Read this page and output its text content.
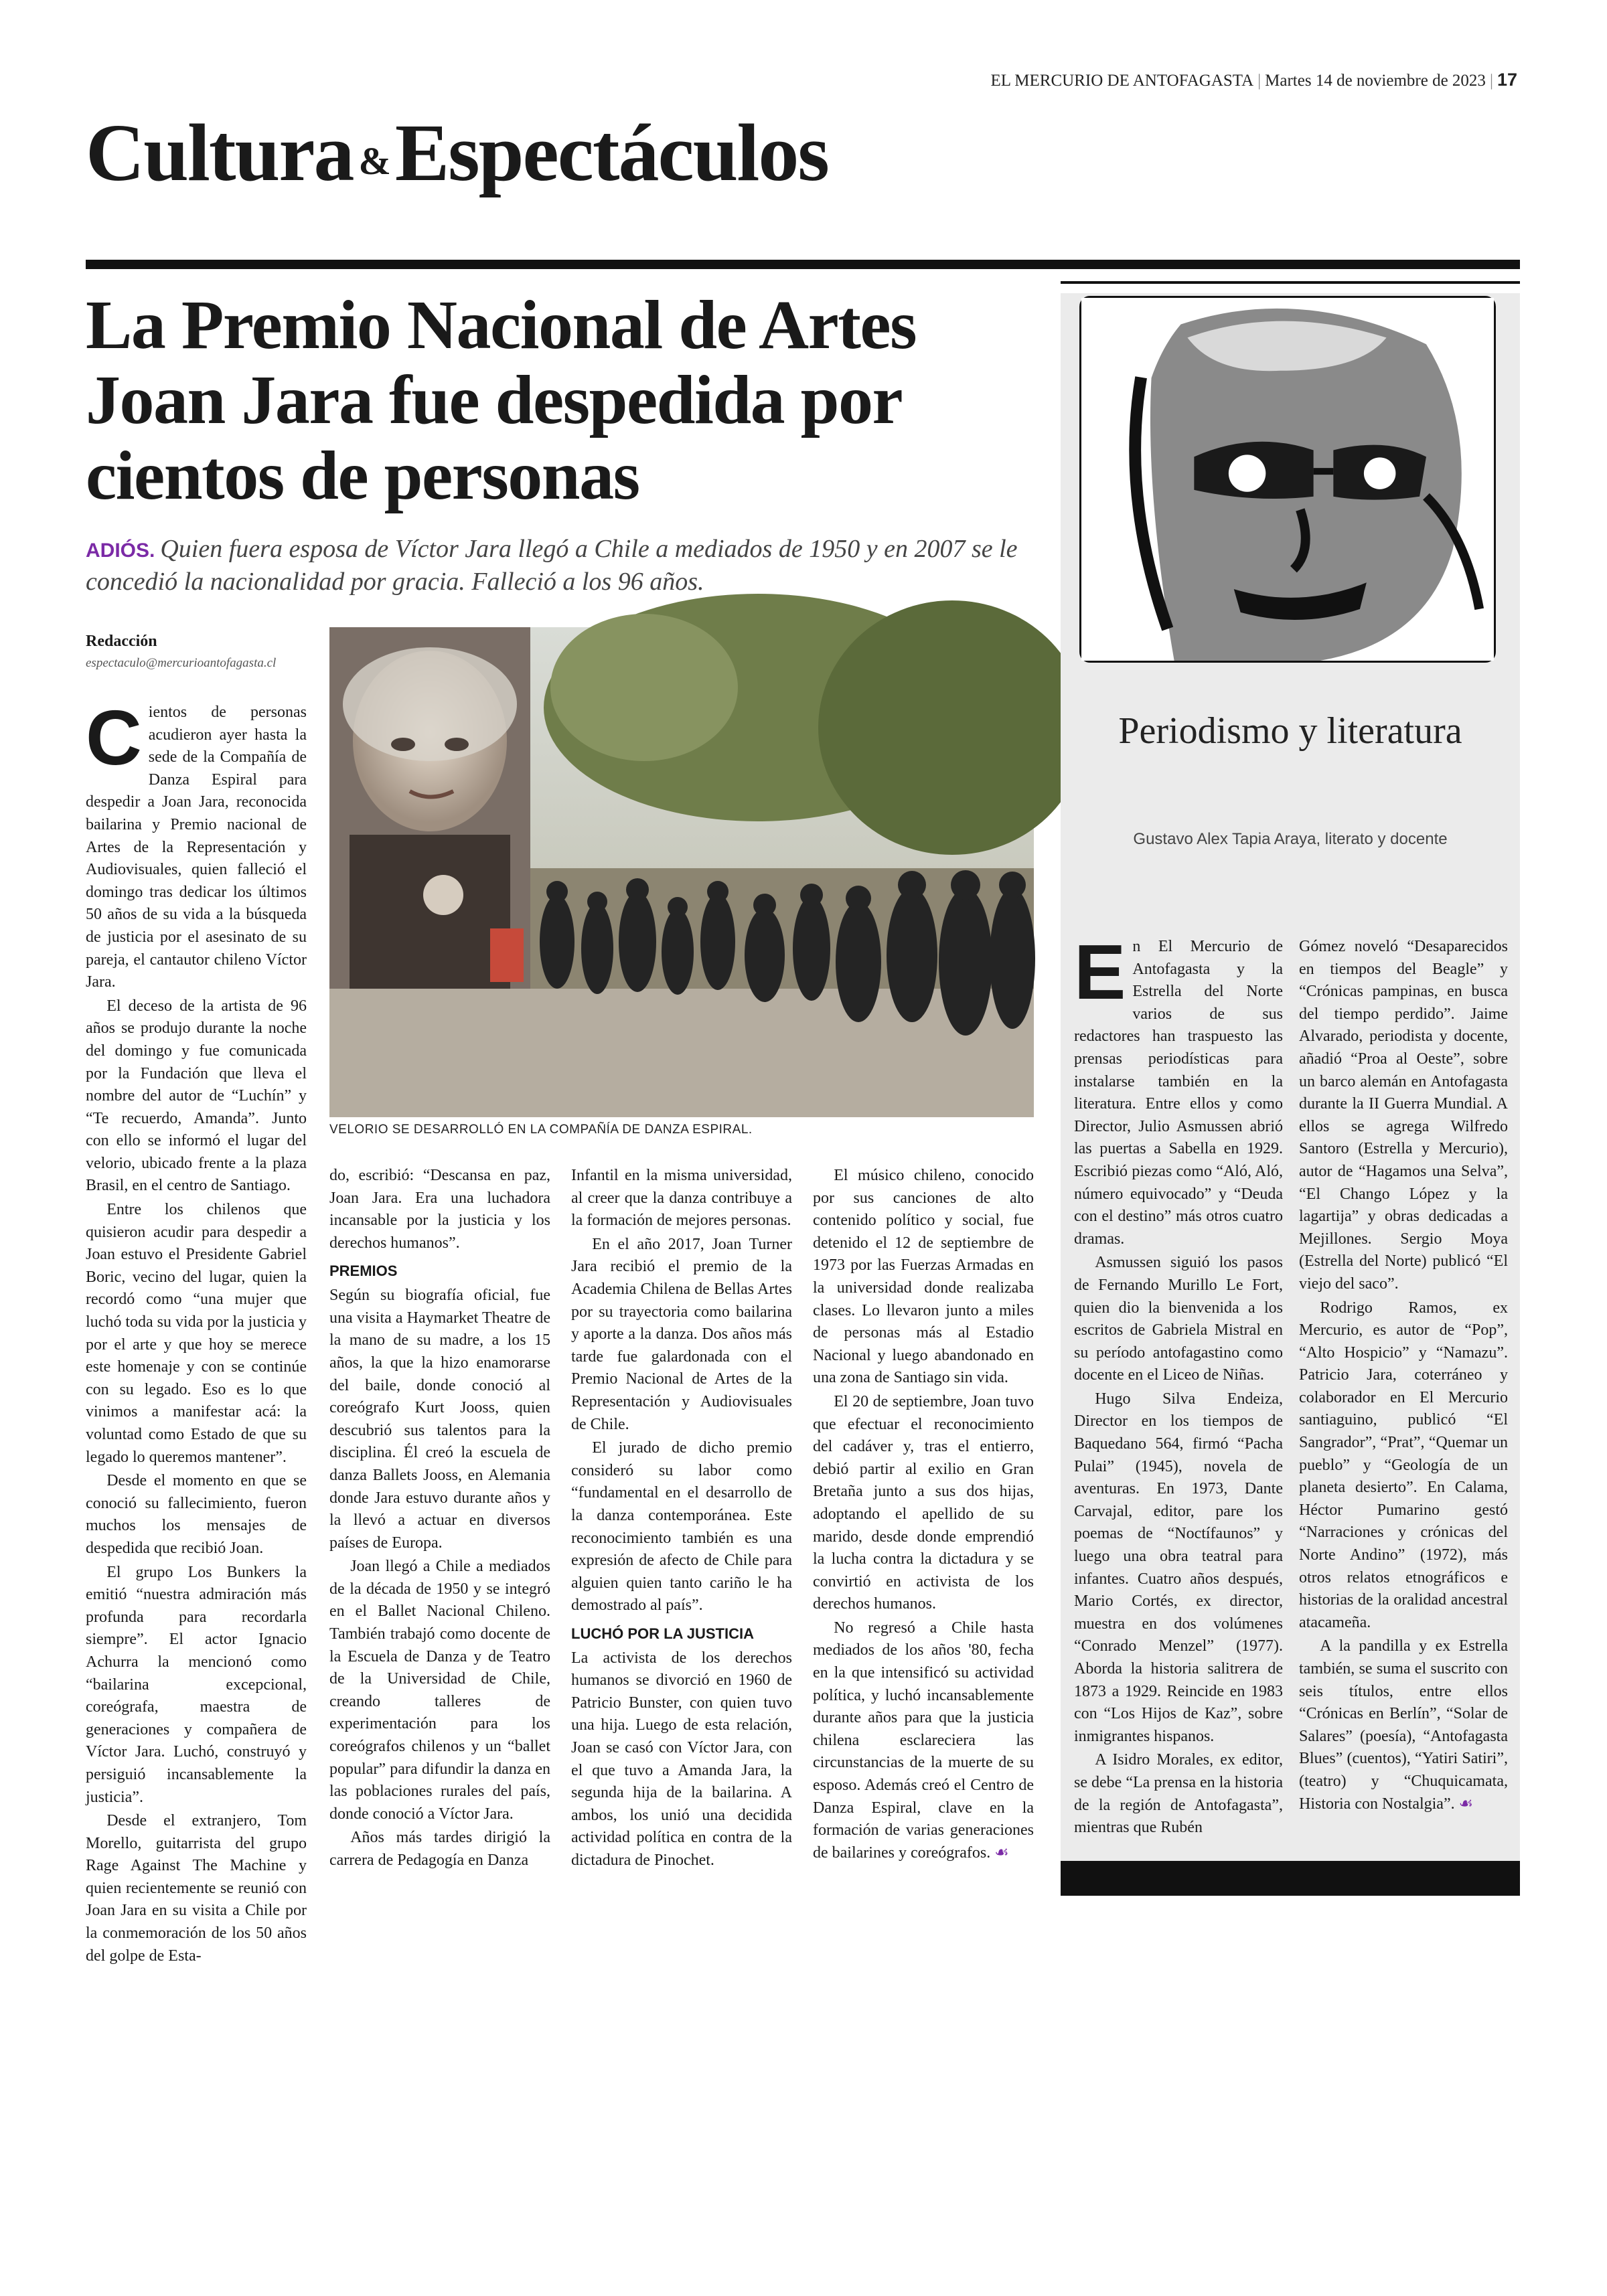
EL MERCURIO DE ANTOFAGASTA | Martes 14 de noviembre de 2023 | 17
Cultura &Espectáculos
La Premio Nacional de Artes Joan Jara fue despedida por cientos de personas
ADIÓS. Quien fuera esposa de Víctor Jara llegó a Chile a mediados de 1950 y en 2007 se le concedió la nacionalidad por gracia. Falleció a los 96 años.
Redacción
espectaculo@mercurioantofagasta.cl
VELORIO SE DESARROLLÓ EN LA COMPAÑÍA DE DANZA ESPIRAL.

Cientos de personas acudieron ayer hasta la sede de la Compañía de Danza Espiral para despedir a Joan Jara, reconocida bailarina y Premio nacional de Artes de la Representación y Audiovisuales, quien falleció el domingo tras dedicar los últimos 50 años de su vida a la búsqueda de justicia por el asesinato de su pareja, el cantautor chileno Víctor Jara.

El deceso de la artista de 96 años se produjo durante la noche del domingo y fue comunicada por la Fundación que lleva el nombre del autor de “Luchín” y “Te recuerdo, Amanda”. Junto con ello se informó el lugar del velorio, ubicado frente a la plaza Brasil, en el centro de Santiago.

Entre los chilenos que quisieron acudir para despedir a Joan estuvo el Presidente Gabriel Boric, vecino del lugar, quien la recordó como “una mujer que luchó toda su vida por la justicia y por el arte y que hoy se merece este homenaje y con se continúe con su legado. Eso es lo que vinimos a manifestar acá: la voluntad como Estado de que su legado lo queremos mantener”.

Desde el momento en que se conoció su fallecimiento, fueron muchos los mensajes de despedida que recibió Joan.

El grupo Los Bunkers la emitió “nuestra admiración más profunda para recordarla siempre”. El actor Ignacio Achurra la mencionó como “bailarina excepcional, coreógrafa, maestra de generaciones y compañera de Víctor Jara. Luchó, construyó y persiguió incansablemente la justicia”.

Desde el extranjero, Tom Morello, guitarrista del grupo Rage Against The Machine y quien recientemente se reunió con Joan Jara en su visita a Chile por la conmemoración de los 50 años del golpe de Esta-

do, escribió: “Descansa en paz, Joan Jara. Era una luchadora incansable por la justicia y los derechos humanos”.

PREMIOS

Según su biografía oficial, fue una visita a Haymarket Theatre de la mano de su madre, a los 15 años, la que la hizo enamorarse del baile, donde conoció al coreógrafo Kurt Jooss, quien descubrió sus talentos para la disciplina. Él creó la escuela de danza Ballets Jooss, en Alemania donde Jara estuvo durante años y la llevó a actuar en diversos países de Europa.

Joan llegó a Chile a mediados de la década de 1950 y se integró en el Ballet Nacional Chileno. También trabajó como docente de la Escuela de Danza y de Teatro de la Universidad de Chile, creando talleres de experimentación para los coreógrafos chilenos y un “ballet popular” para difundir la danza en las poblaciones rurales del país, donde conoció a Víctor Jara.

Años más tardes dirigió la carrera de Pedagogía en Danza

Infantil en la misma universidad, al creer que la danza contribuye a la formación de mejores personas.

En el año 2017, Joan Turner Jara recibió el premio de la Academia Chilena de Bellas Artes por su trayectoria como bailarina y aporte a la danza. Dos años más tarde fue galardonada con el Premio Nacional de Artes de la Representación y Audiovisuales de Chile.

El jurado de dicho premio consideró su labor como “fundamental en el desarrollo de la danza contemporánea. Este reconocimiento también es una expresión de afecto de Chile para alguien quien tanto cariño le ha demostrado al país”.

LUCHÓ POR LA JUSTICIA

La activista de los derechos humanos se divorció en 1960 de Patricio Bunster, con quien tuvo una hija. Luego de esta relación, Joan se casó con Víctor Jara, con el que tuvo a Amanda Jara, la segunda hija de la bailarina. A ambos, los unió una decidida actividad política en contra de la dictadura de Pinochet.

El músico chileno, conocido por sus canciones de alto contenido político y social, fue detenido el 12 de septiembre de 1973 por las Fuerzas Armadas en la universidad donde realizaba clases. Lo llevaron junto a miles de personas más al Estadio Nacional y luego abandonado en una zona de Santiago sin vida.

El 20 de septiembre, Joan tuvo que efectuar el reconocimiento del cadáver y, tras el entierro, debió partir al exilio en Gran Bretaña junto a sus dos hijas, adoptando el apellido de su marido, desde donde emprendió la lucha contra la dictadura y se convirtió en activista de los derechos humanos.

No regresó a Chile hasta mediados de los años '80, fecha en la que intensificó su actividad política, y luchó incansablemente durante años para que la justicia chilena esclareciera las circunstancias de la muerte de su esposo. Además creó el Centro de Danza Espiral, clave en la formación de varias generaciones de bailarines y coreógrafos. ☙

Periodismo y literatura
Gustavo Alex Tapia Araya, literato y docente

En El Mercurio de Antofagasta y la Estrella del Norte varios de sus redactores han traspuesto las prensas periodísticas para instalarse también en la literatura. Entre ellos y como Director, Julio Asmussen abrió las puertas a Sabella en 1929. Escribió piezas como “Aló, Aló, número equivocado” y “Deuda con el destino” más otros cuatro dramas.

Asmussen siguió los pasos de Fernando Murillo Le Fort, quien dio la bienvenida a los escritos de Gabriela Mistral en su período antofagastino como docente en el Liceo de Niñas.

Hugo Silva Endeiza, Director en los tiempos de Baquedano 564, firmó “Pacha Pulai” (1945), novela de aventuras. En 1973, Dante Carvajal, editor, pare los poemas de “Noctífaunos” y luego una obra teatral para infantes. Cuatro años después, Mario Cortés, ex director, muestra en dos volúmenes “Conrado Menzel” (1977). Aborda la historia salitrera de 1873 a 1929. Reincide en 1983 con “Los Hijos de Kaz”, sobre inmigrantes hispanos.

A Isidro Morales, ex editor, se debe “La prensa en la historia de la región de Antofagasta”, mientras que Rubén

Gómez noveló “Desaparecidos en tiempos del Beagle” y “Crónicas pampinas, en busca del tiempo perdido”. Jaime Alvarado, periodista y docente, añadió “Proa al Oeste”, sobre un barco alemán en Antofagasta durante la II Guerra Mundial. A ellos se agrega Wilfredo Santoro (Estrella y Mercurio), autor de “Hagamos una Selva”, “El Chango López y la lagartija” y obras dedicadas a Mejillones. Sergio Moya (Estrella del Norte) publicó “El viejo del saco”.

Rodrigo Ramos, ex Mercurio, es autor de “Pop”, “Alto Hospicio” y “Namazu”. Patricio Jara, coterráneo y colaborador en El Mercurio santiaguino, publicó “El Sangrador”, “Prat”, “Quemar un pueblo” y “Geología de un planeta desierto”. En Calama, Héctor Pumarino gestó “Narraciones y crónicas del Norte Andino” (1972), más otros relatos etnográficos e historias de la oralidad ancestral atacameña.

A la pandilla y ex Estrella también, se suma el suscrito con seis títulos, entre ellos “Crónicas en Berlín”, “Solar de Salares” (poesía), “Antofagasta Blues” (cuentos), “Yatiri Satiri”, (teatro) y “Chuquicamata, Historia con Nostalgia”. ☙
